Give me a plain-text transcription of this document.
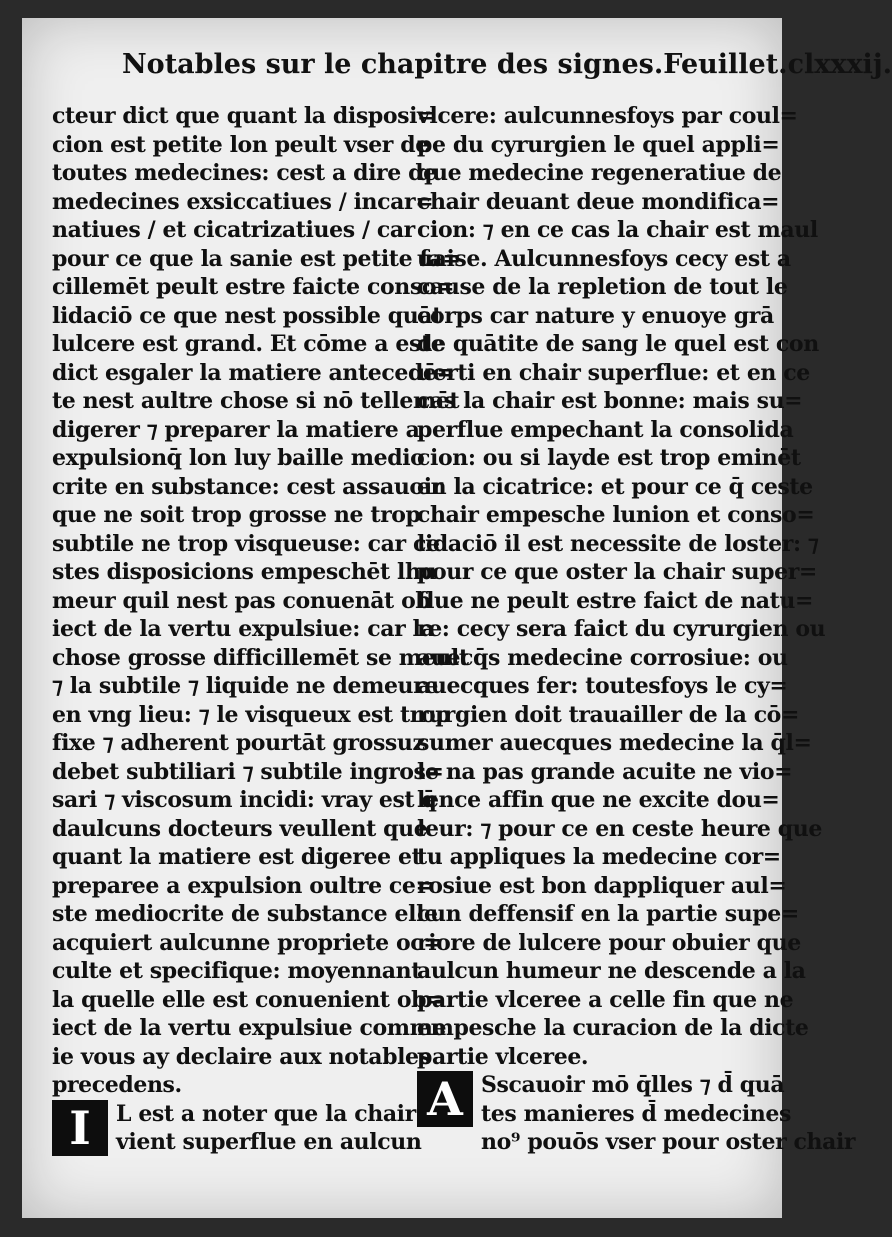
Notables sur le chapitre des signes. Feuillet.clxxxij.
cteur dict que quant la disposi=
cion est petite lon peult vser de
toutes medecines: cest a dire de
medecines exsiccatiues / incar=
natiues / et cicatrizatiues / car
pour ce que la sanie est petite fa=
cillemēt peult estre faicte conso=
lidaciō ce que nest possible quāt
lulcere est grand. Et cōme a este
dict esgaler la matiere antecedē=
te nest aultre chose si nō tellemēt
digerer ⁊ preparer la matiere a
expulsionq̄ lon luy baille medio
crite en substance: cest assauoir
que ne soit trop grosse ne trop
subtile ne trop visqueuse: car ce
stes disposicions empeschēt lhu
meur quil nest pas conuenāt ob
iect de la vertu expulsiue: car la
chose grosse difficillemēt se meult
⁊ la subtile ⁊ liquide ne demeure
en vng lieu: ⁊ le visqueux est trop
fixe ⁊ adherent pourtāt grossuz
debet subtiliari ⁊ subtile ingros=
sari ⁊ viscosum incidi: vray est q̄
daulcuns docteurs veullent que
quant la matiere est digeree et
preparee a expulsion oultre ce=
ste mediocrite de substance elle
acquiert aulcunne propriete oc=
culte et specifique: moyennant
la quelle elle est conuenient ob=
iect de la vertu expulsiue comme
ie vous ay declaire aux notables
precedens.
I	L est a noter que la chair
vient superflue en aulcun
vlcere: aulcunnesfoys par coul=
pe du cyrurgien le quel appli=
que medecine regeneratiue de
chair deuant deue mondifica=
cion: ⁊ en ce cas la chair est maul
uaise. Aulcunnesfoys cecy est a
cause de la repletion de tout le
corps car nature y enuoye grā
de quātite de sang le quel est con
uerti en chair superflue: et en ce
cas la chair est bonne: mais su=
perflue empechant la consolida
cion: ou si layde est trop eminēt
en la cicatrice: et pour ce q̄ ceste
chair empesche lunion et conso=
lidaciō il est necessite de loster: ⁊
pour ce que oster la chair super=
flue ne peult estre faict de natu=
re: cecy sera faict du cyrurgien ou
auecq̄s medecine corrosiue: ou
auecques fer: toutesfoys le cy=
rurgien doit trauailler de la cō=
sumer auecques medecine la q̄l=
le na pas grande acuite ne vio=
lence affin que ne excite dou=
leur: ⁊ pour ce en ceste heure que
tu appliques la medecine cor=
rosiue est bon dappliquer aul=
cun deffensif en la partie supe=
riore de lulcere pour obuier que
aulcun humeur ne descende a la
partie vlceree a celle fin que ne
empesche la curacion de la dicte
partie vlceree.
A Sscauoir mō q̄lles ⁊ d̄ quā
tes manieres d̄ medecines
no⁹ pouōs vser pour oster chair
